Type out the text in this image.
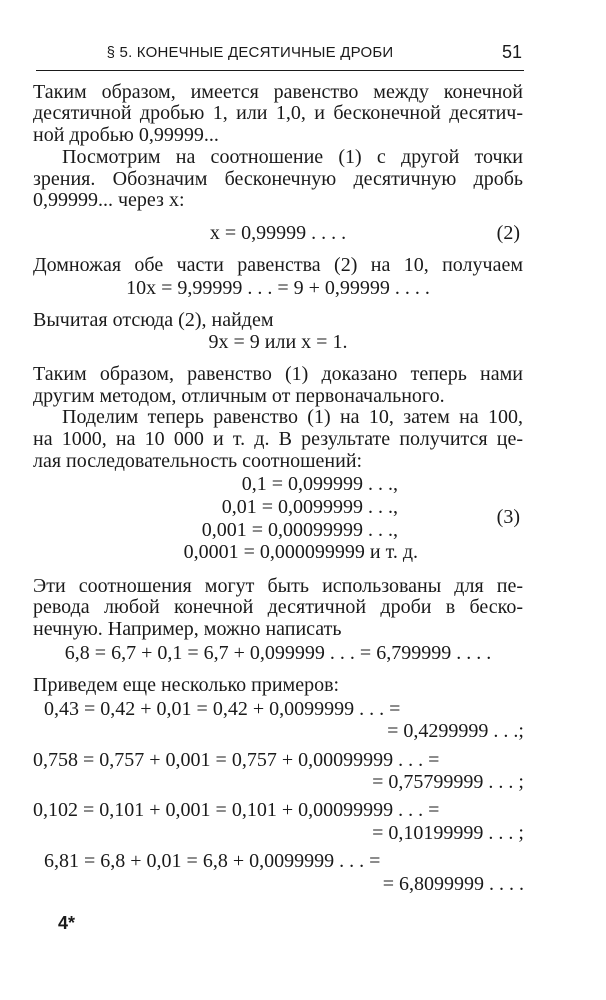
§ 5. КОНЕЧНЫЕ ДЕСЯТИЧНЫЕ ДРОБИ	51
Таким образом, имеется равенство между конечной
десятичной дробью 1, или 1,0, и бесконечной десятич-
ной дробью 0,99999...
Посмотрим на соотношение (1) с другой точки
зрения. Обозначим бесконечную десятичную дробь
0,99999... через x:
x = 0,99999 . . . .	(2)
Домножая обе части равенства (2) на 10, получаем
10x = 9,99999 . . . = 9 + 0,99999 . . . .
Вычитая отсюда (2), найдем
9x = 9 или x = 1.
Таким образом, равенство (1) доказано теперь нами
другим методом, отличным от первоначального.
Поделим теперь равенство (1) на 10, затем на 100,
на 1000, на 10 000 и т. д. В результате получится це-
лая последовательность соотношений:
0,1 = 0,099999 . . .,
0,01 = 0,0099999 . . .,
0,001 = 0,00099999 . . .,
0,0001 = 0,000099999 и т. д.
(3)
Эти соотношения могут быть использованы для пе-
ревода любой конечной десятичной дроби в беско-
нечную. Например, можно написать
6,8 = 6,7 + 0,1 = 6,7 + 0,099999 . . . = 6,799999 . . . .
Приведем еще несколько примеров:
0,43 = 0,42 + 0,01 = 0,42 + 0,0099999 . . . =
= 0,4299999 . . .;
0,758 = 0,757 + 0,001 = 0,757 + 0,00099999 . . . =
= 0,75799999 . . . ;
0,102 = 0,101 + 0,001 = 0,101 + 0,00099999 . . . =
= 0,10199999 . . . ;
6,81 = 6,8 + 0,01 = 6,8 + 0,0099999 . . . =
= 6,8099999 . . . .
4*
